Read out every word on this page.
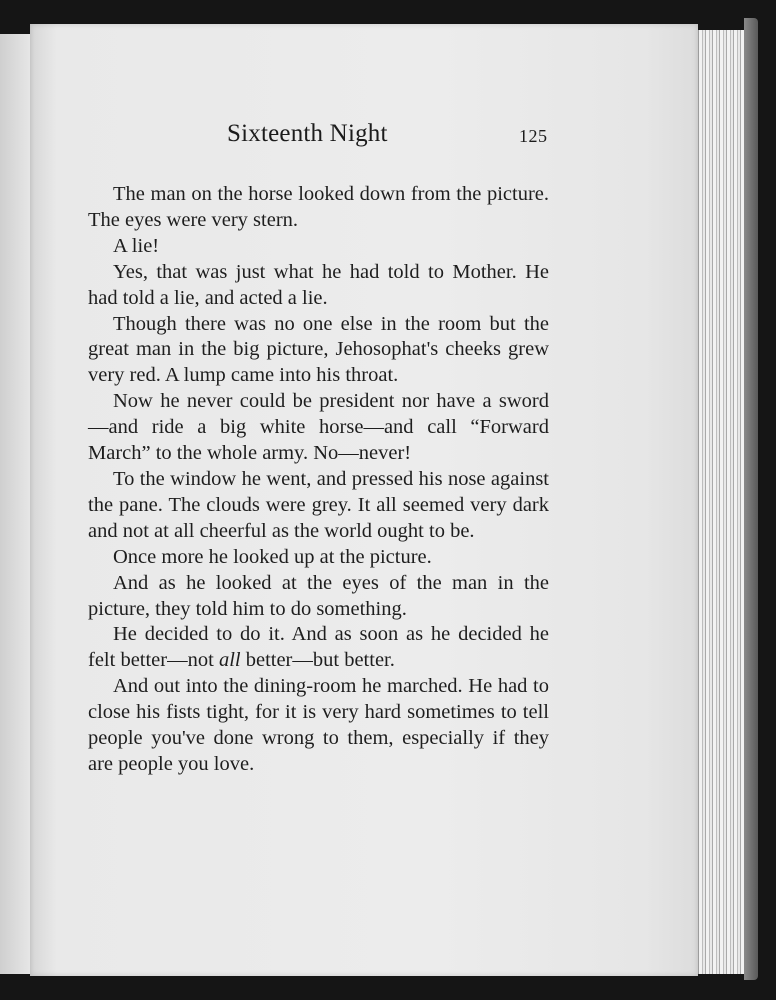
Sixteenth Night	125

The man on the horse looked down from the picture. The eyes were very stern.

A lie!

Yes, that was just what he had told to Mother. He had told a lie, and acted a lie.

Though there was no one else in the room but the great man in the big picture, Jehosophat's cheeks grew very red. A lump came into his throat.

Now he never could be president nor have a sword—and ride a big white horse—and call “Forward March” to the whole army. No—never!

To the window he went, and pressed his nose against the pane. The clouds were grey. It all seemed very dark and not at all cheerful as the world ought to be.

Once more he looked up at the picture.

And as he looked at the eyes of the man in the picture, they told him to do something.

He decided to do it. And as soon as he decided he felt better—not all better—but better.

And out into the dining-room he marched. He had to close his fists tight, for it is very hard sometimes to tell people you've done wrong to them, especially if they are people you love.
